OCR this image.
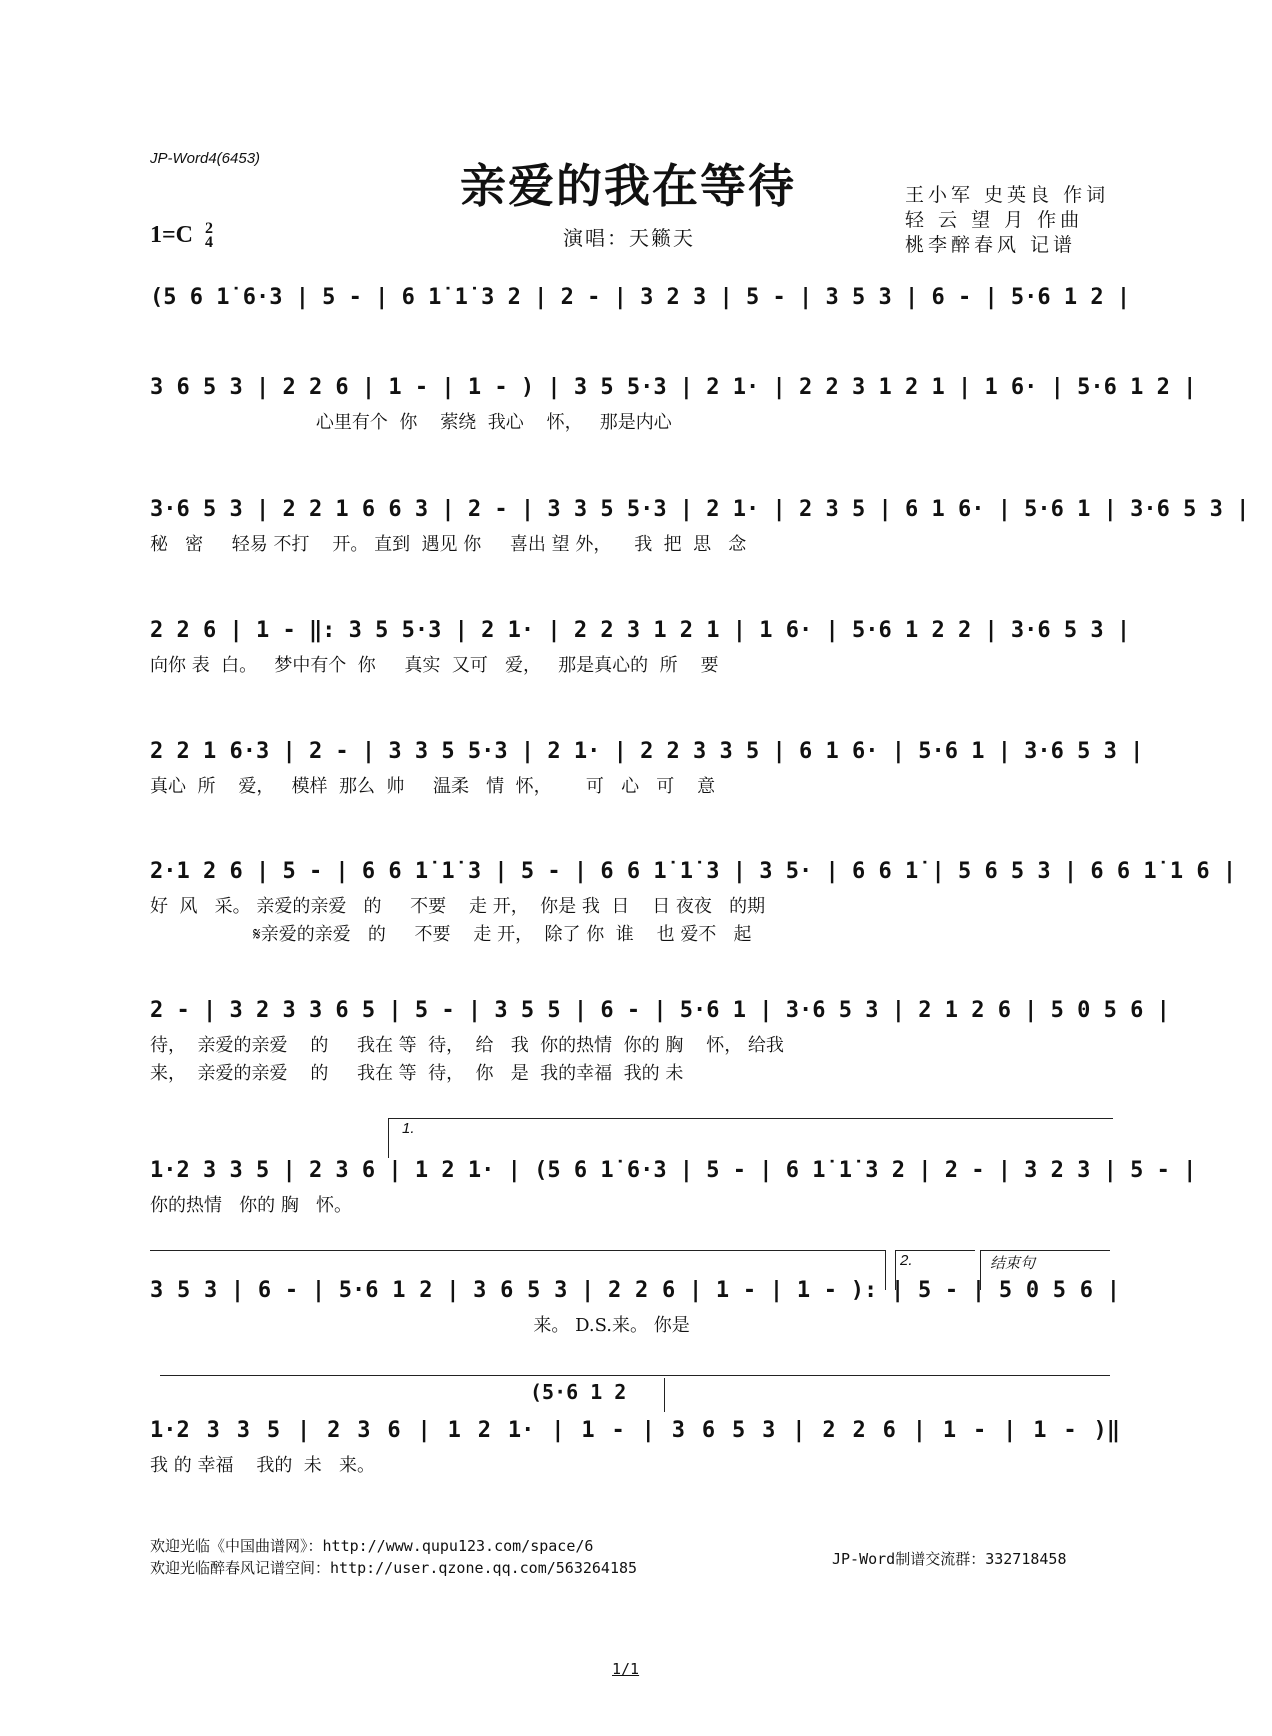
JP-Word4(6453)
亲爱的我在等待	王小军 史英良 作词
轻 云 望 月 作曲
桃李醉春风 记谱
1=C 2
4	演唱：天籁天
(5 6 1̇ 6·3 | 5 - | 6 1̇ 1̇ 3 2 | 2 - | 3 2 3 | 5 - | 3 5 3 | 6 - | 5·6 1 2 |
3 6 5 3 | 2 2 6 | 1 - | 1 - ) | 3 5 5·3 | 2 1· | 2 2 3 1 2 1 | 1 6· | 5·6 1 2 |
心里有个  你    萦绕  我心    怀，   那是内心
3·6 5 3 | 2 2 1 6 6 3 | 2 - | 3 3 5 5·3 | 2 1· | 2 3 5 | 6 1 6· | 5·6 1 | 3·6 5 3 |
秘   密     轻易 不打    开。 直到  遇见 你     喜出 望 外，    我  把  思   念
2 2 6 | 1 - ‖: 3 5 5·3 | 2 1· | 2 2 3 1 2 1 | 1 6· | 5·6 1 2 2 | 3·6 5 3 |
向你 表  白。   梦中有个  你     真实  又可   爱，   那是真心的  所    要
2 2 1 6·3 | 2 - | 3 3 5 5·3 | 2 1· | 2 2 3 3 5 | 6 1 6· | 5·6 1 | 3·6 5 3 |
真心  所    爱，   模样  那么  帅     温柔   情  怀，      可   心   可    意
2·1 2 6 | 5 - | 6 6 1̇ 1̇ 3 | 5 - | 6 6 1̇ 1̇ 3 | 3 5· | 6 6 1̇ | 5 6 5 3 | 6 6 1̇ 1 6 |
好  风   采。 亲爱的亲爱   的     不要    走 开，  你是 我  日    日 夜夜   的期
𝄋亲爱的亲爱   的     不要    走 开，  除了 你  谁    也 爱不   起
2 - | 3 2 3 3 6 5 | 5 - | 3 5 5 | 6 - | 5·6 1 | 3·6 5 3 | 2 1 2 6 | 5 0 5 6 |
待，  亲爱的亲爱    的     我在 等  待，  给   我  你的热情  你的 胸    怀， 给我
来，  亲爱的亲爱    的     我在 等  待，  你   是  我的幸福  我的 未
1.
1·2 3 3 5 | 2 3 6 | 1 2 1· | (5 6 1̇ 6·3 | 5 - | 6 1̇ 1̇ 3 2 | 2 - | 3 2 3 | 5 - |
你的热情   你的 胸   怀。
2.	结束句
3 5 3 | 6 - | 5·6 1 2 | 3 6 5 3 | 2 2 6 | 1 - | 1 - ): | 5 - | 5 0 5 6 |
来。 D.S.来。 你是
(5·6 1 2
1·2 3 3 5 | 2 3 6 | 1 2 1· | 1 - | 3 6 5 3 | 2 2 6 | 1 - | 1 - )‖
我 的 幸福    我的  未   来。
欢迎光临《中国曲谱网》：http://www.qupu123.com/space/6
欢迎光临醉春风记谱空间：http://user.qzone.qq.com/563264185	JP-Word制谱交流群：332718458
1/1
